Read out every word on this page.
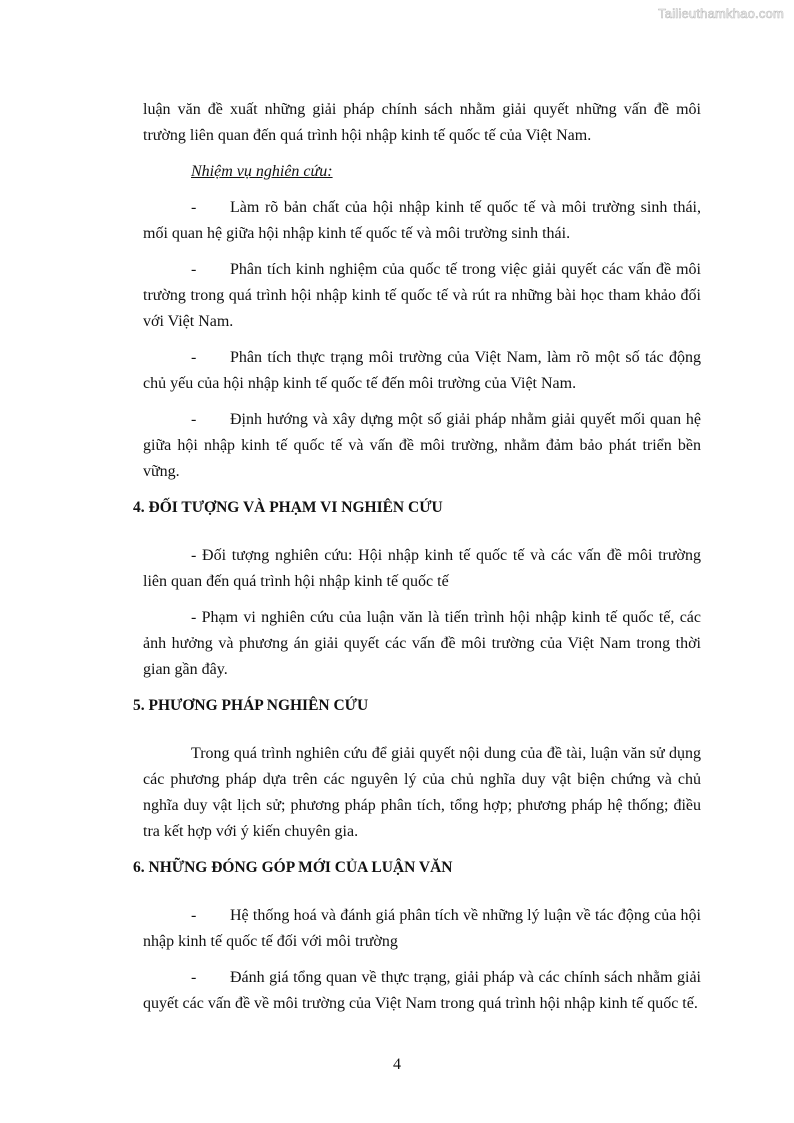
Tailieuthamkhao.com

luận văn đề xuất những giải pháp chính sách nhằm giải quyết những vấn đề môi trường liên quan đến quá trình hội nhập kinh tế quốc tế của Việt Nam.

Nhiệm vụ nghiên cứu:

- Làm rõ bản chất của hội nhập kinh tế quốc tế và môi trường sinh thái, mối quan hệ giữa hội nhập kinh tế quốc tế và môi trường sinh thái.

- Phân tích kinh nghiệm của quốc tế trong việc giải quyết các vấn đề môi trường trong quá trình hội nhập kinh tế quốc tế và rút ra những bài học tham khảo đối với Việt Nam.

- Phân tích thực trạng môi trường của Việt Nam, làm rõ một số tác động chủ yếu của hội nhập kinh tế quốc tế đến môi trường của Việt Nam.

- Định hướng và xây dựng một số giải pháp nhằm giải quyết mối quan hệ giữa hội nhập kinh tế quốc tế và vấn đề môi trường, nhằm đảm bảo phát triển bền vững.

4. ĐỐI TƯỢNG VÀ PHẠM VI NGHIÊN CỨU

- Đối tượng nghiên cứu: Hội nhập kinh tế quốc tế và các vấn đề môi trường liên quan đến quá trình hội nhập kinh tế quốc tế

- Phạm vi nghiên cứu của luận văn là tiến trình hội nhập kinh tế quốc tế, các ảnh hưởng và phương án giải quyết các vấn đề môi trường của Việt Nam trong thời gian gần đây.

5. PHƯƠNG PHÁP NGHIÊN CỨU

Trong quá trình nghiên cứu để giải quyết nội dung của đề tài, luận văn sử dụng các phương pháp dựa trên các nguyên lý của chủ nghĩa duy vật biện chứng và chủ nghĩa duy vật lịch sử; phương pháp phân tích, tổng hợp; phương pháp hệ thống; điều tra kết hợp với ý kiến chuyên gia.

6. NHỮNG ĐÓNG GÓP MỚI CỦA LUẬN VĂN

- Hệ thống hoá và đánh giá phân tích về những lý luận về tác động của hội nhập kinh tế quốc tế đối với môi trường

- Đánh giá tổng quan về thực trạng, giải pháp và các chính sách nhằm giải quyết các vấn đề về môi trường của Việt Nam trong quá trình hội nhập kinh tế quốc tế.

4
